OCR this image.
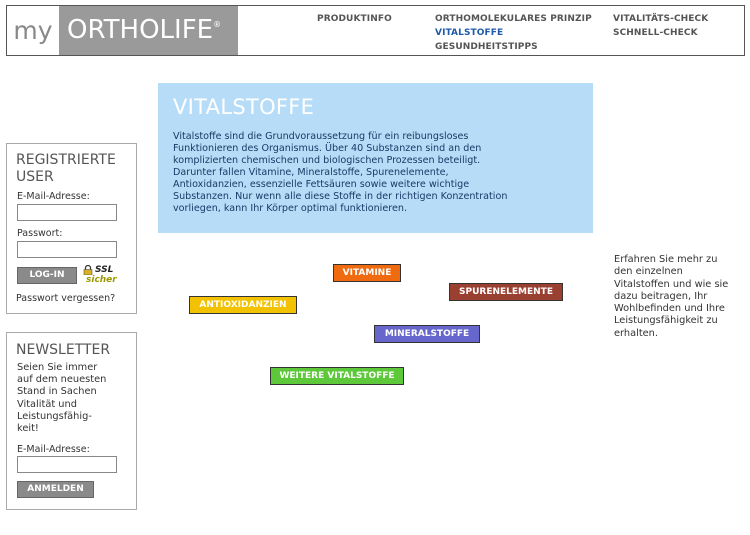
my ORTHOLIFE®
PRODUKTINFO	ORTHOMOLEKULARES PRINZIP
VITALSTOFFE
GESUNDHEITSTIPPS
VITALITÄTS-CHECK
SCHNELL-CHECK
REGISTRIERTE
USER
E-Mail-Adresse:
Passwort:
LOG-IN	SSL
sicher
Passwort vergessen?
NEWSLETTER
Seien Sie immer
auf dem neuesten
Stand in Sachen
Vitalität und
Leistungsfähig-
keit!
E-Mail-Adresse:
ANMELDEN
VITALSTOFFE

Vitalstoffe sind die Grundvoraussetzung für ein reibungsloses
Funktionieren des Organismus. Über 40 Substanzen sind an den
komplizierten chemischen und biologischen Prozessen beteiligt.
Darunter fallen Vitamine, Mineralstoffe, Spurenelemente,
Antioxidanzien, essenzielle Fettsäuren sowie weitere wichtige
Substanzen. Nur wenn alle diese Stoffe in der richtigen Konzentration
vorliegen, kann Ihr Körper optimal funktionieren.

VITAMINE
SPURENELEMENTE
ANTIOXIDANZIEN
MINERALSTOFFE
WEITERE VITALSTOFFE
Erfahren Sie mehr zu
den einzelnen
Vitalstoffen und wie sie
dazu beitragen, Ihr
Wohlbefinden und Ihre
Leistungsfähigkeit zu
erhalten.
